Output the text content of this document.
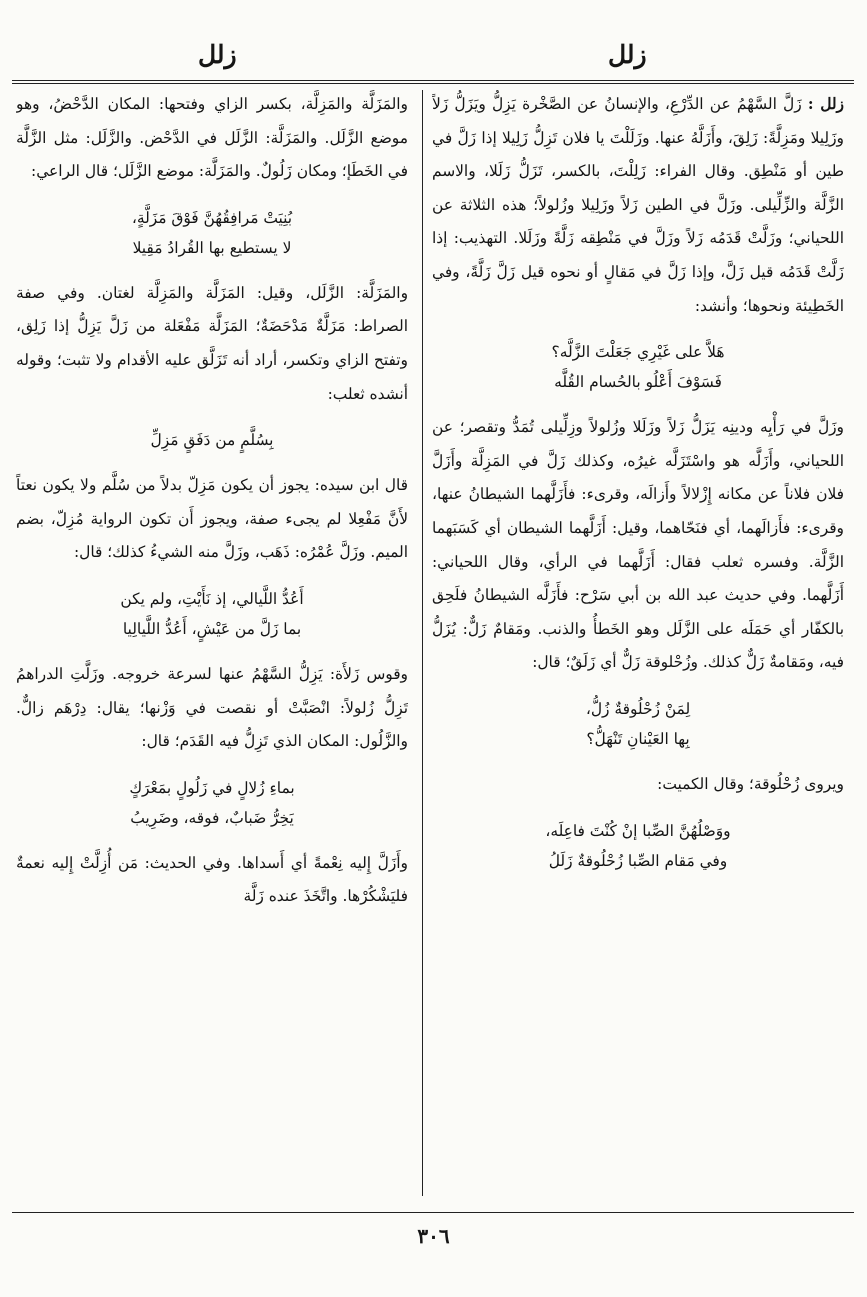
زلل
زلل

زلل : زَلَّ السَّهْمُ عن الدِّرْعِ، والإنسانُ عن الصَّخْرة يَزِلُّ ويَزَلُّ زَلاً وزَلِيلا ومَزِلَّةً: زَلِقَ، وأَزَلَّهُ عنها. وزَلَلْتَ يا فلان تَزِلُّ زَلِيلا إذا زَلَّ في طين أو مَنْطِق. وقال الفراء: زَلِلْتَ، بالكسر، تَزَلُّ زَلَلا، والاسم الزَّلَّة والزِّلِّيلى. وزَلَّ في الطين زَلاً وزَلِيلا وزُلولاً؛ هذه الثلاثة عن اللحياني؛ وزَلَّتْ قَدَمُه زَلاً وزَلَّ في مَنْطِقه زَلَّةً وزَلَلا. التهذيب: إذا زَلَّتْ قَدَمُه قيل زَلَّ، وإذا زَلَّ في مَقالٍ أو نحوه قيل زَلَّ زَلَّةً، وفي الخَطِيئة ونحوها؛ وأنشد:

هَلاَّ على غَيْرِي جَعَلْتَ الزَّلَّه؟
فَسَوْفَ أَعْلُو بالحُسام القُلَّه

وزَلَّ في رَأْيِه ودينِه يَزَلُّ زَلاً وزَلَلا وزُلولاً وزِلِّيلى تُمَدُّ وتقصر؛ عن اللحياني، وأَزَلَّه هو واسْتَزَلَّه غيرُه، وكذلك زَلَّ في المَزِلَّة وأَزَلَّ فلان فلاناً عن مكانه إِزْلالاً وأَزالَه، وقرىء: فأَزَلَّهما الشيطانُ عنها، وقرىء: فأَزالَهما، أي فنَحّاهما، وقيل: أَزَلَّهما الشيطان أي كَسَبَهما الزَّلَّة. وفسره ثعلب فقال: أَزَلَّهما في الرأي، وقال اللحياني: أَزَلَّهما. وفي حديث عبد الله بن أبي سَرْح: فأَزَلَّه الشيطانُ فلَحِق بالكفّار أي حَمَلَه على الزَّلَل وهو الخَطأُ والذنب. ومَقامٌ زَلٌّ: يُزَلُّ فيه، ومَقامةٌ زَلٌّ كذلك. وزُحْلوقة زَلٌّ أي زَلَقٌ؛ قال:

لِمَنْ زُحْلُوقةٌ زُلُّ،
بِها العَيْنانِ تَنْهَلُّ؟

ويروى زُحْلُوقة؛ وقال الكميت:

ووَصْلُهُنَّ الصِّبا إنْ كُنْتَ فاعِلَه،
وفي مَقام الصِّبا زُحْلُوقةٌ زَلَلُ

والمَزَلَّة والمَزِلَّة، بكسر الزاي وفتحها: المكان الدَّحْضُ، وهو موضع الزَّلَل. والمَزَلَّة: الزَّلَل في الدَّحْض. والزَّلَل: مثل الزَّلَّة في الخَطَإ؛ ومكان زَلُولٌ. والمَزَلَّة: موضع الزَّلَل؛ قال الراعي:

بُنِيَتْ مَرافِقُهُنَّ فَوْقَ مَزَلَّةٍ،
لا يستطيع بها القُرادُ مَقِيلا

والمَزَلَّة: الزَّلَل، وقيل: المَزَلَّة والمَزِلَّة لغتان. وفي صفة الصراط: مَزَلَّةٌ مَدْحَضَةٌ؛ المَزَلَّة مَفْعَلة من زَلَّ يَزِلُّ إذا زَلِق، وتفتح الزاي وتكسر، أراد أنه تَزَلَّق عليه الأقدام ولا تثبت؛ وقوله أنشده ثعلب:

بِسُلَّمٍ من دَفَقٍ مَزِلِّ

قال ابن سيده: يجوز أن يكون مَزِلّ بدلاً من سُلَّم ولا يكون نعتاً لأَنَّ مَفْعِلا لم يجىء صفة، ويجوز أَن تكون الرواية مُزِلّ، بضم الميم. وزَلَّ عُمْرُه: ذَهَب، وزَلَّ منه الشيءُ كذلك؛ قال:

أَعُدُّ اللَّيالي، إذ نَأَيْتِ، ولم يكن
بما زَلَّ من عَيْشٍ، أَعُدُّ اللَّيالِيا

وقوس زَلأَة: يَزِلُّ السَّهْمُ عنها لسرعة خروجه. وزَلَّتِ الدراهمُ تَزِلُّ زُلولاً: انْصَبَّتْ أو نقصت في وَزْنها؛ يقال: دِرْهَم زالٌّ. والزَّلُول: المكان الذي تَزِلُّ فيه القَدَم؛ قال:

بماءِ زُلالٍ في زَلُولٍ بمَعْرَكٍ
يَخِرُّ ضَبابٌ، فوقه، وضَرِيبُ

وأَزَلَّ إِليه نِعْمةً أي أَسداها. وفي الحديث: مَن أُزِلَّتْ إِليه نعمةٌ فليَشْكُرْها. واتَّخَذَ عنده زَلَّة

٣٠٦
